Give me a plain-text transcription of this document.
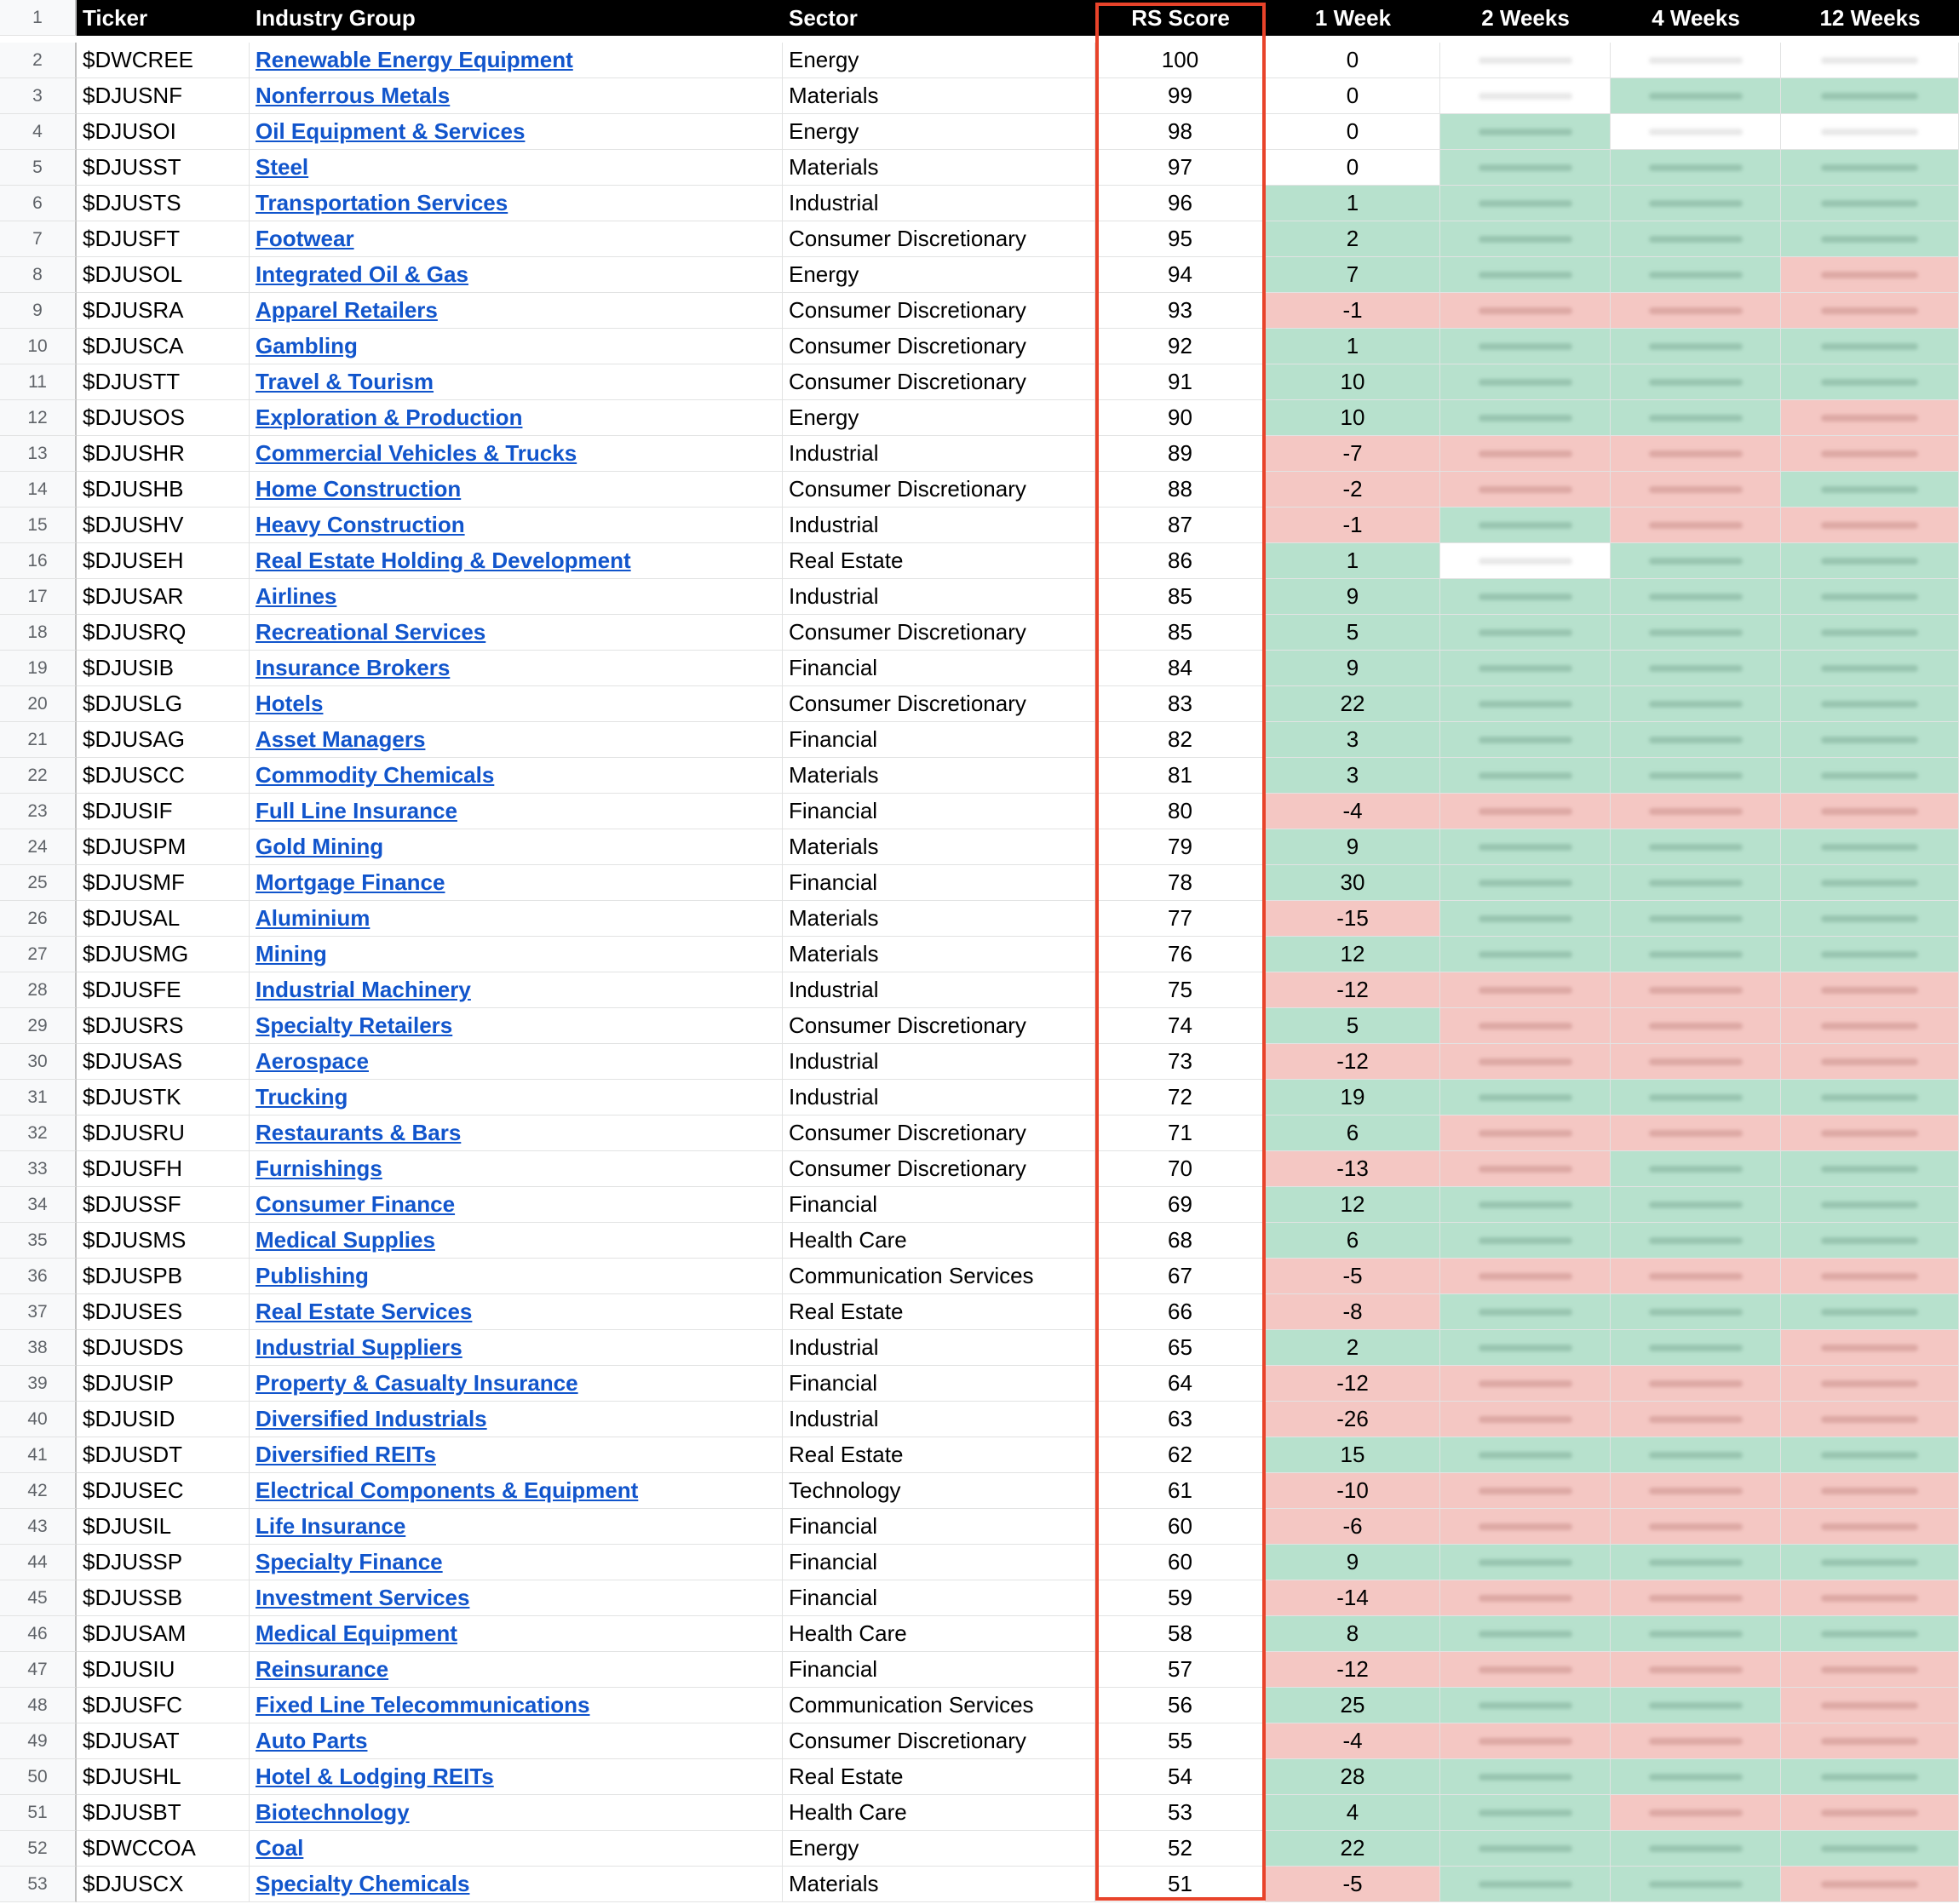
1	Ticker	Industry Group	Sector	RS Score	1 Week	2 Weeks	4 Weeks	12 Weeks
2	$DWCREE	Renewable Energy Equipment	Energy	100	0
3	$DJUSNF	Nonferrous Metals	Materials	99	0
4	$DJUSOI	Oil Equipment & Services	Energy	98	0
5	$DJUSST	Steel	Materials	97	0
6	$DJUSTS	Transportation Services	Industrial	96	1
7	$DJUSFT	Footwear	Consumer Discretionary	95	2
8	$DJUSOL	Integrated Oil & Gas	Energy	94	7
9	$DJUSRA	Apparel Retailers	Consumer Discretionary	93	-1
10	$DJUSCA	Gambling	Consumer Discretionary	92	1
11	$DJUSTT	Travel & Tourism	Consumer Discretionary	91	10
12	$DJUSOS	Exploration & Production	Energy	90	10
13	$DJUSHR	Commercial Vehicles & Trucks	Industrial	89	-7
14	$DJUSHB	Home Construction	Consumer Discretionary	88	-2
15	$DJUSHV	Heavy Construction	Industrial	87	-1
16	$DJUSEH	Real Estate Holding & Development	Real Estate	86	1
17	$DJUSAR	Airlines	Industrial	85	9
18	$DJUSRQ	Recreational Services	Consumer Discretionary	85	5
19	$DJUSIB	Insurance Brokers	Financial	84	9
20	$DJUSLG	Hotels	Consumer Discretionary	83	22
21	$DJUSAG	Asset Managers	Financial	82	3
22	$DJUSCC	Commodity Chemicals	Materials	81	3
23	$DJUSIF	Full Line Insurance	Financial	80	-4
24	$DJUSPM	Gold Mining	Materials	79	9
25	$DJUSMF	Mortgage Finance	Financial	78	30
26	$DJUSAL	Aluminium	Materials	77	-15
27	$DJUSMG	Mining	Materials	76	12
28	$DJUSFE	Industrial Machinery	Industrial	75	-12
29	$DJUSRS	Specialty Retailers	Consumer Discretionary	74	5
30	$DJUSAS	Aerospace	Industrial	73	-12
31	$DJUSTK	Trucking	Industrial	72	19
32	$DJUSRU	Restaurants & Bars	Consumer Discretionary	71	6
33	$DJUSFH	Furnishings	Consumer Discretionary	70	-13
34	$DJUSSF	Consumer Finance	Financial	69	12
35	$DJUSMS	Medical Supplies	Health Care	68	6
36	$DJUSPB	Publishing	Communication Services	67	-5
37	$DJUSES	Real Estate Services	Real Estate	66	-8
38	$DJUSDS	Industrial Suppliers	Industrial	65	2
39	$DJUSIP	Property & Casualty Insurance	Financial	64	-12
40	$DJUSID	Diversified Industrials	Industrial	63	-26
41	$DJUSDT	Diversified REITs	Real Estate	62	15
42	$DJUSEC	Electrical Components & Equipment	Technology	61	-10
43	$DJUSIL	Life Insurance	Financial	60	-6
44	$DJUSSP	Specialty Finance	Financial	60	9
45	$DJUSSB	Investment Services	Financial	59	-14
46	$DJUSAM	Medical Equipment	Health Care	58	8
47	$DJUSIU	Reinsurance	Financial	57	-12
48	$DJUSFC	Fixed Line Telecommunications	Communication Services	56	25
49	$DJUSAT	Auto Parts	Consumer Discretionary	55	-4
50	$DJUSHL	Hotel & Lodging REITs	Real Estate	54	28
51	$DJUSBT	Biotechnology	Health Care	53	4
52	$DWCCOA	Coal	Energy	52	22
53	$DJUSCX	Specialty Chemicals	Materials	51	-5
